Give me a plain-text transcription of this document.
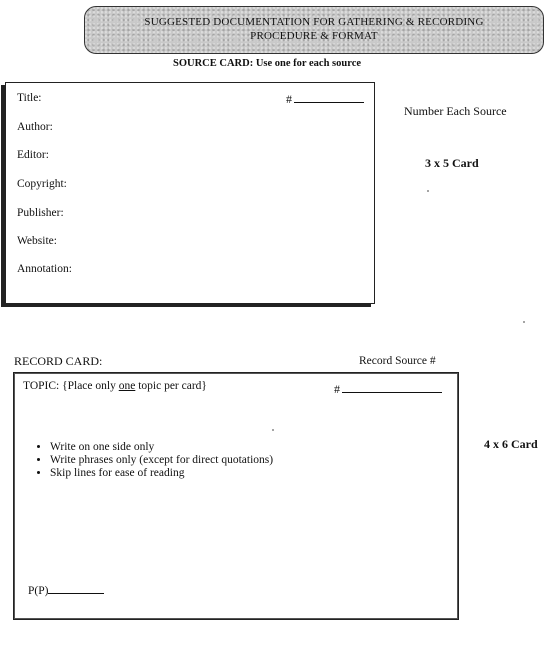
SUGGESTED DOCUMENTATION FOR GATHERING & RECORDING
PROCEDURE & FORMAT
SOURCE CARD: Use one for each source
Title:
Author:
Editor:
Copyright:
Publisher:
Website:
Annotation:
#
Number Each Source
3 x 5 Card
RECORD CARD:	Record Source #
TOPIC: {Place only one topic per card}	#
• Write on one side only
• Write phrases only (except for direct quotations)
• Skip lines for ease of reading
P(P)
4 x 6 Card
